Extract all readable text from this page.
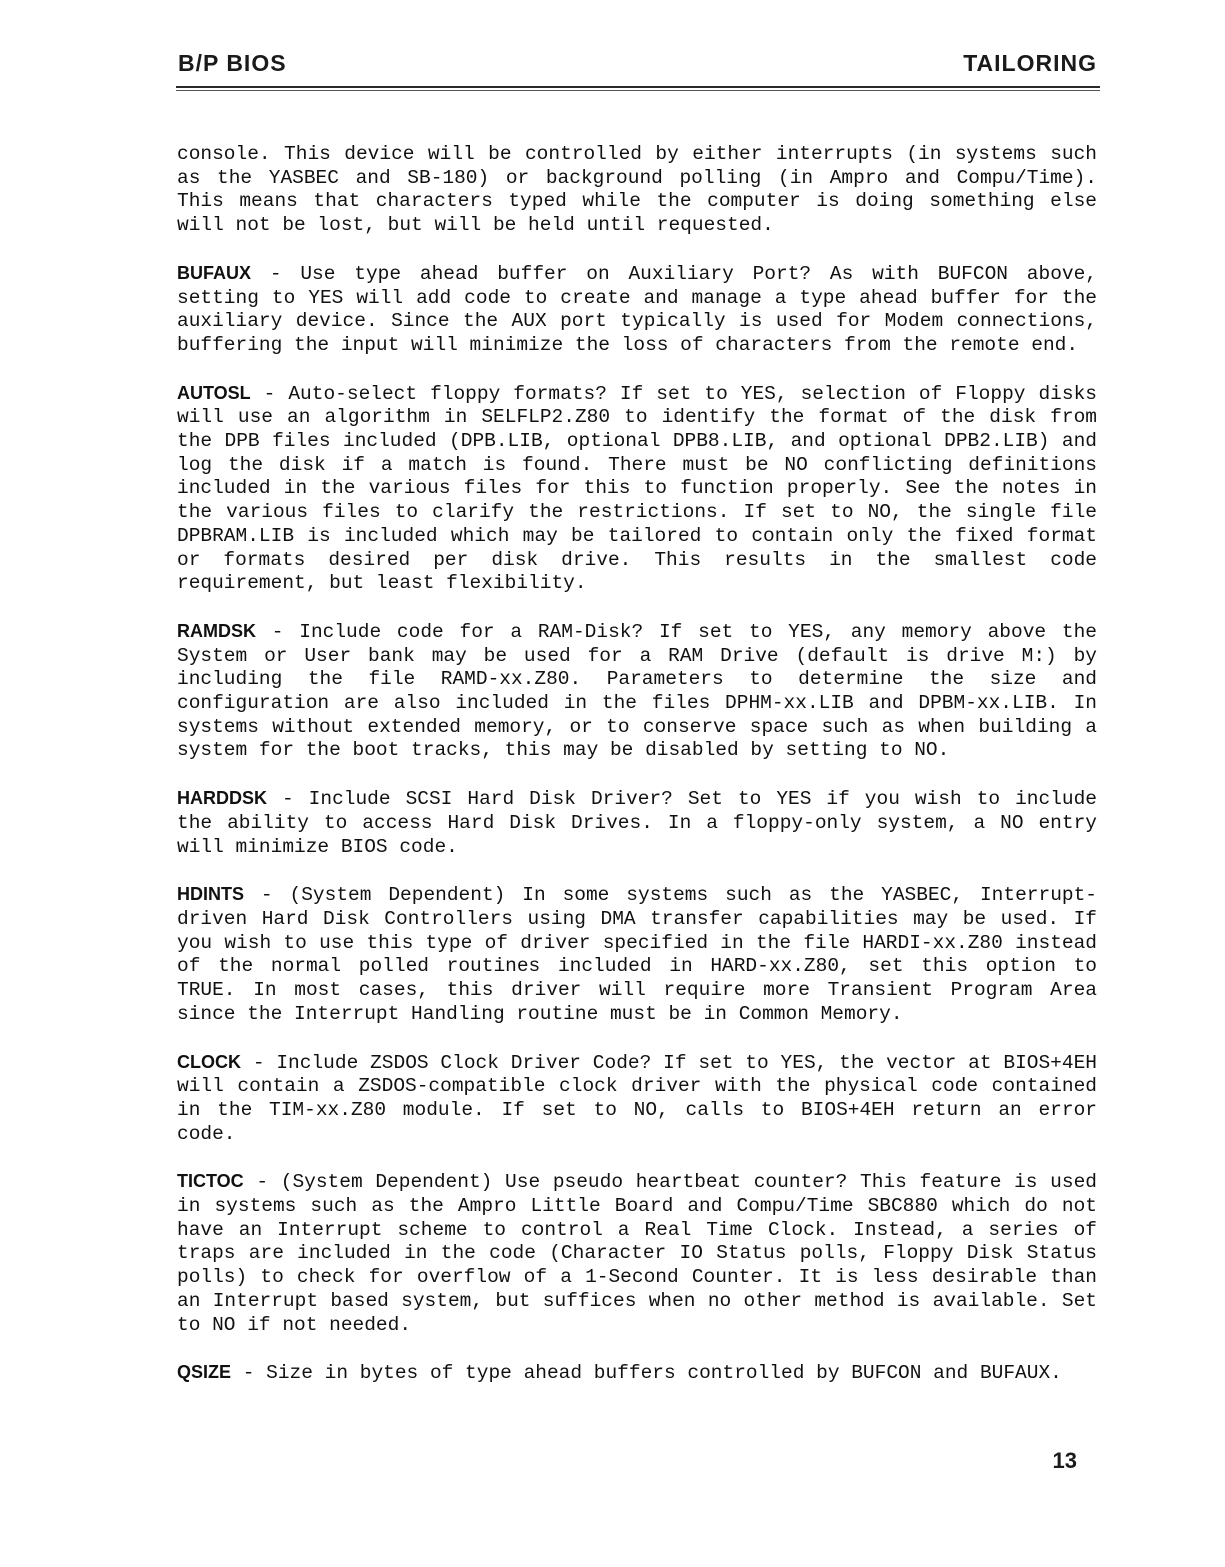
B/P BIOS	TAILORING

console. This device will be controlled by either interrupts (in systems such as the YASBEC and SB-180) or background polling (in Ampro and Compu/Time). This means that characters typed while the computer is doing something else will not be lost, but will be held until requested.

BUFAUX - Use type ahead buffer on Auxiliary Port? As with BUFCON above, setting to YES will add code to create and manage a type ahead buffer for the auxiliary device. Since the AUX port typically is used for Modem connections, buffering the input will minimize the loss of characters from the remote end.

AUTOSL - Auto-select floppy formats? If set to YES, selection of Floppy disks will use an algorithm in SELFLP2.Z80 to identify the format of the disk from the DPB files included (DPB.LIB, optional DPB8.LIB, and optional DPB2.LIB) and log the disk if a match is found. There must be NO conflicting definitions included in the various files for this to function properly. See the notes in the various files to clarify the restrictions. If set to NO, the single file DPBRAM.LIB is included which may be tailored to contain only the fixed format or formats desired per disk drive. This results in the smallest code requirement, but least flexibility.

RAMDSK - Include code for a RAM-Disk? If set to YES, any memory above the System or User bank may be used for a RAM Drive (default is drive M:) by including the file RAMD-xx.Z80. Parameters to determine the size and configuration are also included in the files DPHM-xx.LIB and DPBM-xx.LIB. In systems without extended memory, or to conserve space such as when building a system for the boot tracks, this may be disabled by setting to NO.

HARDDSK - Include SCSI Hard Disk Driver? Set to YES if you wish to include the ability to access Hard Disk Drives. In a floppy-only system, a NO entry will minimize BIOS code.

HDINTS - (System Dependent) In some systems such as the YASBEC, Interrupt-driven Hard Disk Controllers using DMA transfer capabilities may be used. If you wish to use this type of driver specified in the file HARDI-xx.Z80 instead of the normal polled routines included in HARD-xx.Z80, set this option to TRUE. In most cases, this driver will require more Transient Program Area since the Interrupt Handling routine must be in Common Memory.

CLOCK - Include ZSDOS Clock Driver Code? If set to YES, the vector at BIOS+4EH will contain a ZSDOS-compatible clock driver with the physical code contained in the TIM-xx.Z80 module. If set to NO, calls to BIOS+4EH return an error code.

TICTOC - (System Dependent) Use pseudo heartbeat counter? This feature is used in systems such as the Ampro Little Board and Compu/Time SBC880 which do not have an Interrupt scheme to control a Real Time Clock. Instead, a series of traps are included in the code (Character IO Status polls, Floppy Disk Status polls) to check for overflow of a 1-Second Counter. It is less desirable than an Interrupt based system, but suffices when no other method is available. Set to NO if not needed.

QSIZE - Size in bytes of type ahead buffers controlled by BUFCON and BUFAUX.

13
